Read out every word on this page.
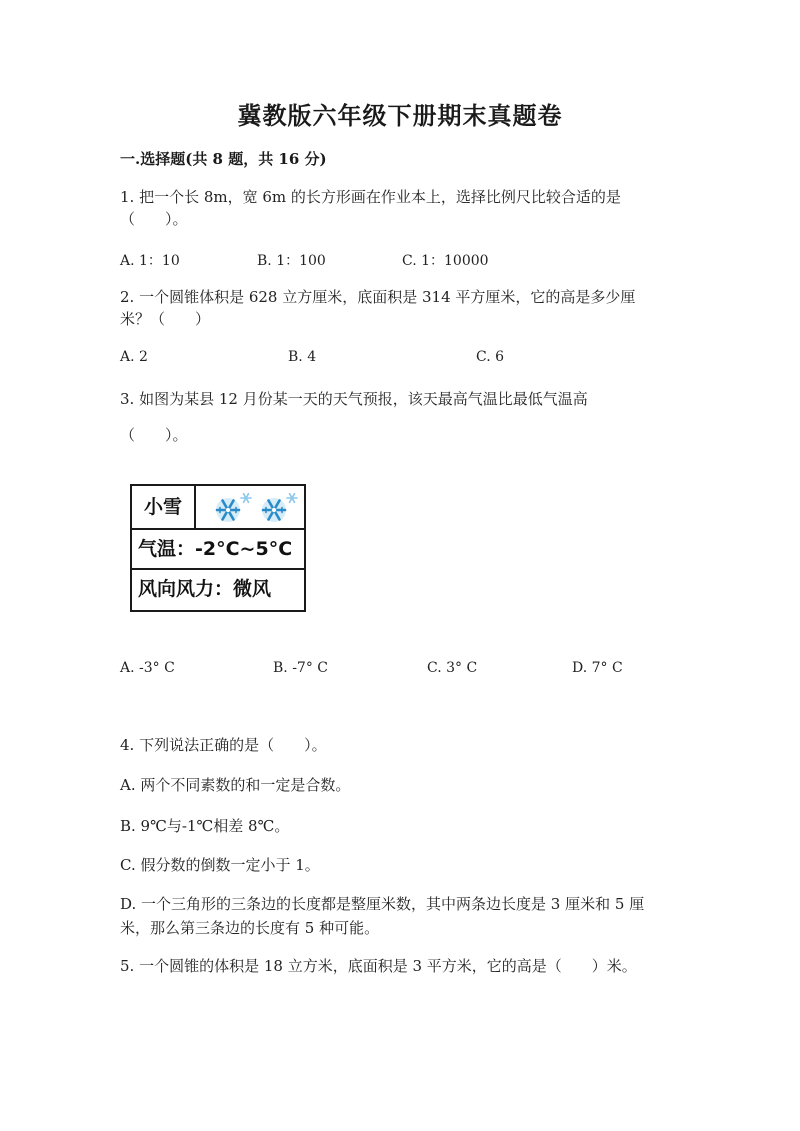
冀教版六年级下册期末真题卷
一.选择题(共 8 题，共 16 分)
1. 把一个长 8m，宽 6m 的长方形画在作业本上，选择比例尺比较合适的是
（　　）。
A. 1：10	B. 1：100	C. 1：10000
2. 一个圆锥体积是 628 立方厘米，底面积是 314 平方厘米，它的高是多少厘
米？（　　）
A. 2	B. 4	C. 6
3. 如图为某县 12 月份某一天的天气预报，该天最高气温比最低气温高
（　　）。
小雪
气温：-2°C~5°C
风向风力：微风
A. -3° C	B. -7° C	C. 3° C	D. 7° C
4. 下列说法正确的是（　　）。
A. 两个不同素数的和一定是合数。
B. 9℃与-1℃相差 8℃。
C. 假分数的倒数一定小于 1。
D. 一个三角形的三条边的长度都是整厘米数，其中两条边长度是 3 厘米和 5 厘
米，那么第三条边的长度有 5 种可能。
5. 一个圆锥的体积是 18 立方米，底面积是 3 平方米，它的高是（　　）米。
